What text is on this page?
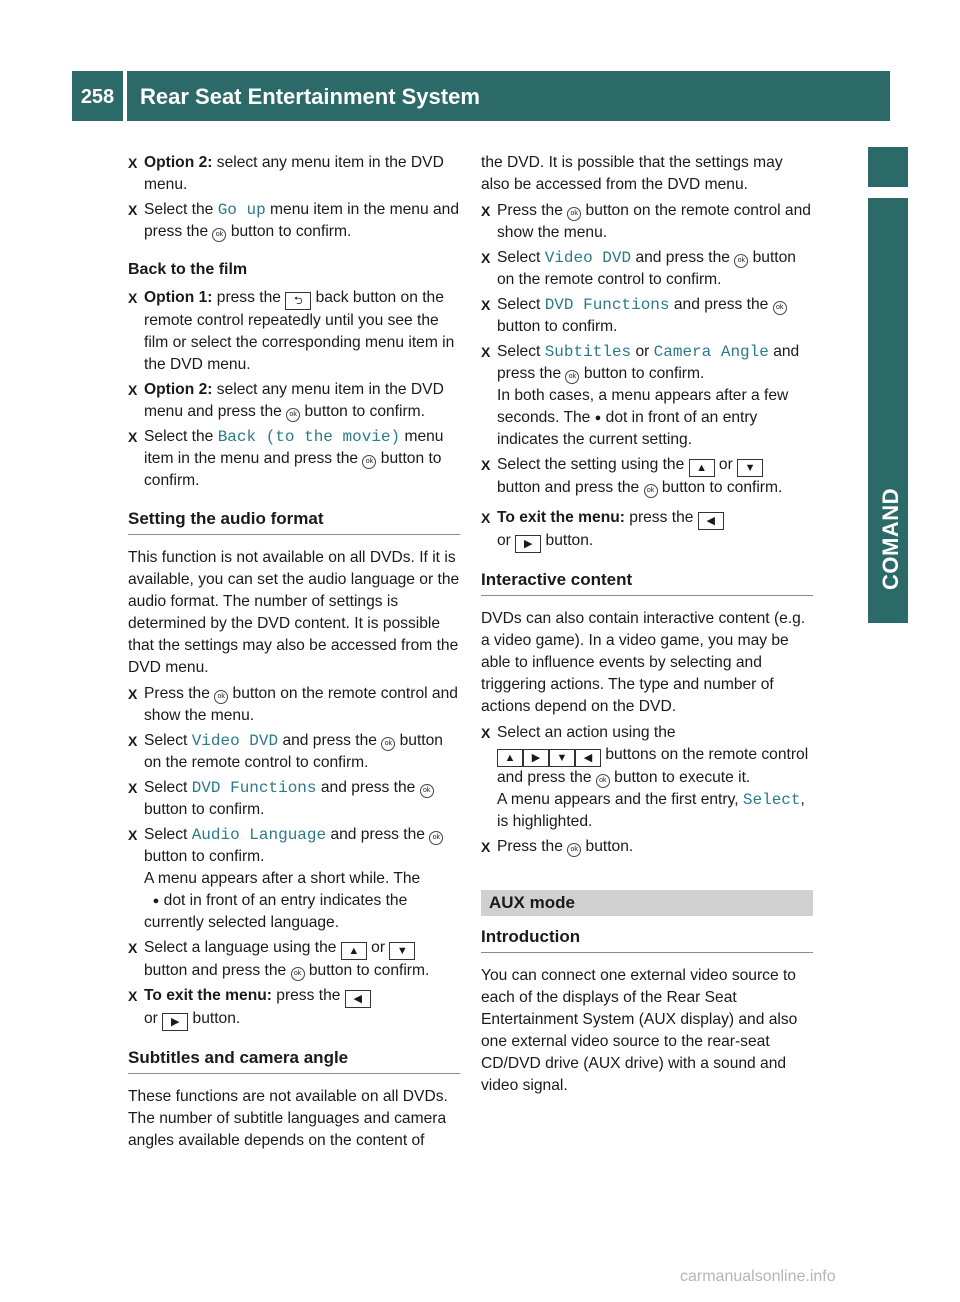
258	Rear Seat Entertainment System
COMAND

X Option 2: select any menu item in the DVD menu.

X Select the Go up menu item in the menu and press the ok button to confirm.

Back to the film

X Option 1: press the ⮌ back button on the remote control repeatedly until you see the film or select the corresponding menu item in the DVD menu.

X Option 2: select any menu item in the DVD menu and press the ok button to confirm.

X Select the Back (to the movie) menu item in the menu and press the ok button to confirm.

Setting the audio format

This function is not available on all DVDs. If it is available, you can set the audio language or the audio format. The number of settings is determined by the DVD content. It is possible that the settings may also be accessed from the DVD menu.

X Press the ok button on the remote control and show the menu.

X Select Video DVD and press the ok button on the remote control to confirm.

X Select DVD Functions and press the ok
button to confirm.

X Select Audio Language and press the ok
button to confirm.
A menu appears after a short while. The
● dot in front of an entry indicates the currently selected language.

X Select a language using the ▲ or ▼
button and press the ok button to confirm.

X To exit the menu: press the ◀
or ▶ button.

Subtitles and camera angle

These functions are not available on all DVDs. The number of subtitle languages and camera angles available depends on the content of

the DVD. It is possible that the settings may also be accessed from the DVD menu.

X Press the ok button on the remote control and show the menu.

X Select Video DVD and press the ok button on the remote control to confirm.

X Select DVD Functions and press the ok
button to confirm.

X Select Subtitles or Camera Angle and
press the ok button to confirm.
In both cases, a menu appears after a few seconds. The ● dot in front of an entry indicates the current setting.

X Select the setting using the ▲ or ▼
button and press the ok button to confirm.

X To exit the menu: press the ◀
or ▶ button.

Interactive content

DVDs can also contain interactive content (e.g. a video game). In a video game, you may be able to influence events by selecting and triggering actions. The type and number of actions depend on the DVD.

X Select an action using the
▲ ▶ ▼ ◀ buttons on the remote control and press the ok button to execute it.
A menu appears and the first entry, Select, is highlighted.

X Press the ok button.

AUX mode

Introduction

You can connect one external video source to each of the displays of the Rear Seat Entertainment System (AUX display) and also one external video source to the rear-seat CD/DVD drive (AUX drive) with a sound and video signal.

carmanualsonline.info
